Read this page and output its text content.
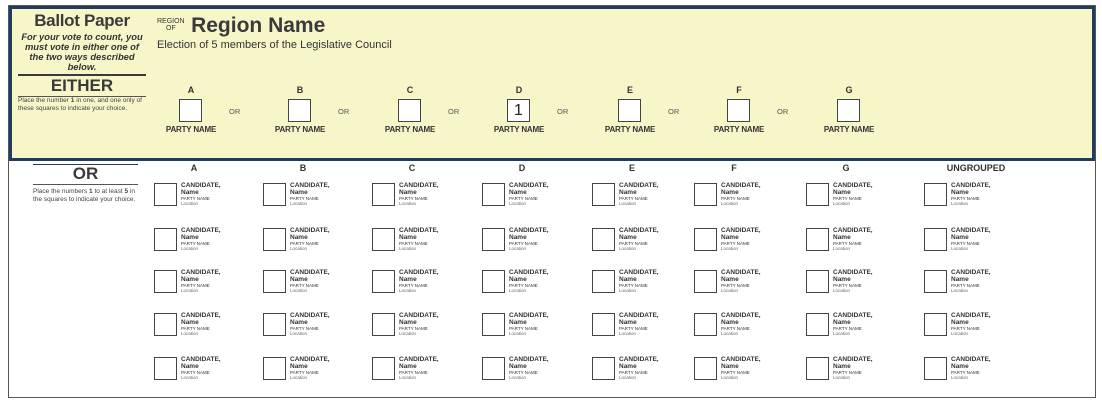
Ballot Paper
For your vote to count, you must vote in either one of the two ways described below.
EITHER
Place the number 1 in one, and one only of these squares to indicate your choice.
REGION
OF Region Name
Election of 5 members of the Legislative Council
A
OR
PARTY NAME
B
OR
PARTY NAME
C
OR
PARTY NAME
D
1	OR
PARTY NAME
E
OR
PARTY NAME
F
OR
PARTY NAME
G
PARTY NAME
OR
Place the numbers 1 to at least 5 in the squares to indicate your choice.
A
CANDIDATE,
Name
PARTY NAME
Location
CANDIDATE,
Name
PARTY NAME
Location
CANDIDATE,
Name
PARTY NAME
Location
CANDIDATE,
Name
PARTY NAME
Location
CANDIDATE,
Name
PARTY NAME
Location
B
CANDIDATE,
Name
PARTY NAME
Location
CANDIDATE,
Name
PARTY NAME
Location
CANDIDATE,
Name
PARTY NAME
Location
CANDIDATE,
Name
PARTY NAME
Location
CANDIDATE,
Name
PARTY NAME
Location
C
CANDIDATE,
Name
PARTY NAME
Location
CANDIDATE,
Name
PARTY NAME
Location
CANDIDATE,
Name
PARTY NAME
Location
CANDIDATE,
Name
PARTY NAME
Location
CANDIDATE,
Name
PARTY NAME
Location
D
CANDIDATE,
Name
PARTY NAME
Location
CANDIDATE,
Name
PARTY NAME
Location
CANDIDATE,
Name
PARTY NAME
Location
CANDIDATE,
Name
PARTY NAME
Location
CANDIDATE,
Name
PARTY NAME
Location
E
CANDIDATE,
Name
PARTY NAME
Location
CANDIDATE,
Name
PARTY NAME
Location
CANDIDATE,
Name
PARTY NAME
Location
CANDIDATE,
Name
PARTY NAME
Location
CANDIDATE,
Name
PARTY NAME
Location
F
CANDIDATE,
Name
PARTY NAME
Location
CANDIDATE,
Name
PARTY NAME
Location
CANDIDATE,
Name
PARTY NAME
Location
CANDIDATE,
Name
PARTY NAME
Location
CANDIDATE,
Name
PARTY NAME
Location
G
CANDIDATE,
Name
PARTY NAME
Location
CANDIDATE,
Name
PARTY NAME
Location
CANDIDATE,
Name
PARTY NAME
Location
CANDIDATE,
Name
PARTY NAME
Location
CANDIDATE,
Name
PARTY NAME
Location
UNGROUPED
CANDIDATE,
Name
PARTY NAME
Location
CANDIDATE,
Name
PARTY NAME
Location
CANDIDATE,
Name
PARTY NAME
Location
CANDIDATE,
Name
PARTY NAME
Location
CANDIDATE,
Name
PARTY NAME
Location
